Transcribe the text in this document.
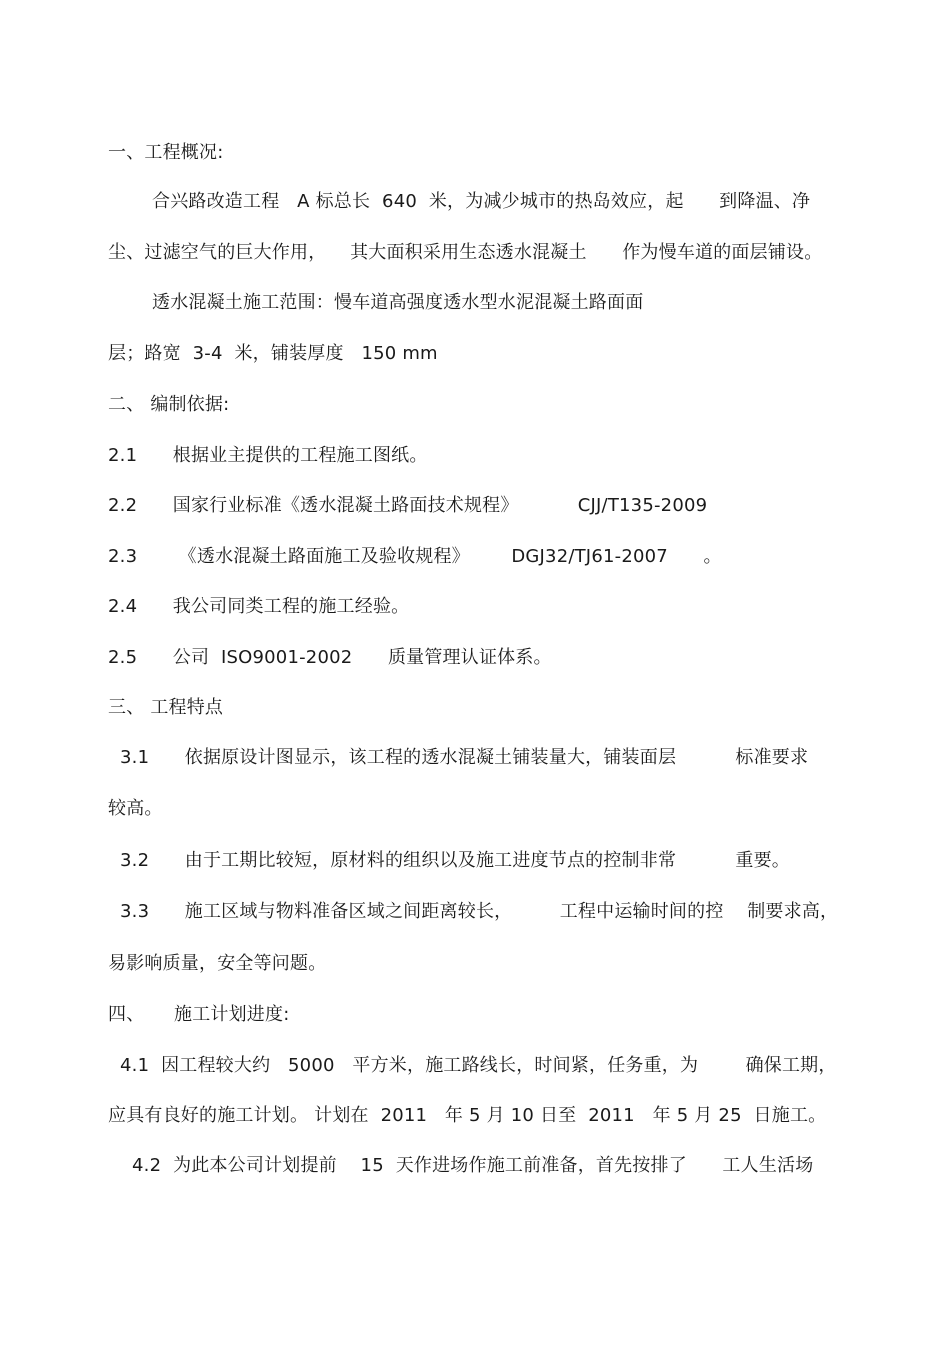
一、工程概况:
合兴路改造工程   A 标总长  640  米，为减少城市的热岛效应，起      到降温、净
尘、过滤空气的巨大作用，    其大面积采用生态透水混凝土      作为慢车道的面层铺设。
透水混凝土施工范围：慢车道高强度透水型水泥混凝土路面面
层；路宽  3-4  米，铺装厚度   150 mm
二、 编制依据:
2.1      根据业主提供的工程施工图纸。
2.2      国家行业标准《透水混凝土路面技术规程》          CJJ/T135-2009
2.3       《透水混凝土路面施工及验收规程》       DGJ32/TJ61-2007      。
2.4      我公司同类工程的施工经验。
2.5      公司  ISO9001-2002      质量管理认证体系。
三、 工程特点
3.1      依据原设计图显示，该工程的透水混凝土铺装量大，铺装面层          标准要求
较高。
3.2      由于工期比较短，原材料的组织以及施工进度节点的控制非常          重要。
3.3      施工区域与物料准备区域之间距离较长，        工程中运输时间的控    制要求高，
易影响质量，安全等问题。
四、     施工计划进度:
4.1  因工程较大约   5000   平方米，施工路线长，时间紧，任务重，为        确保工期，
应具有良好的施工计划。 计划在  2011   年 5 月 10 日至  2011   年 5 月 25  日施工。
4.2  为此本公司计划提前    15  天作进场作施工前准备，首先按排了      工人生活场
